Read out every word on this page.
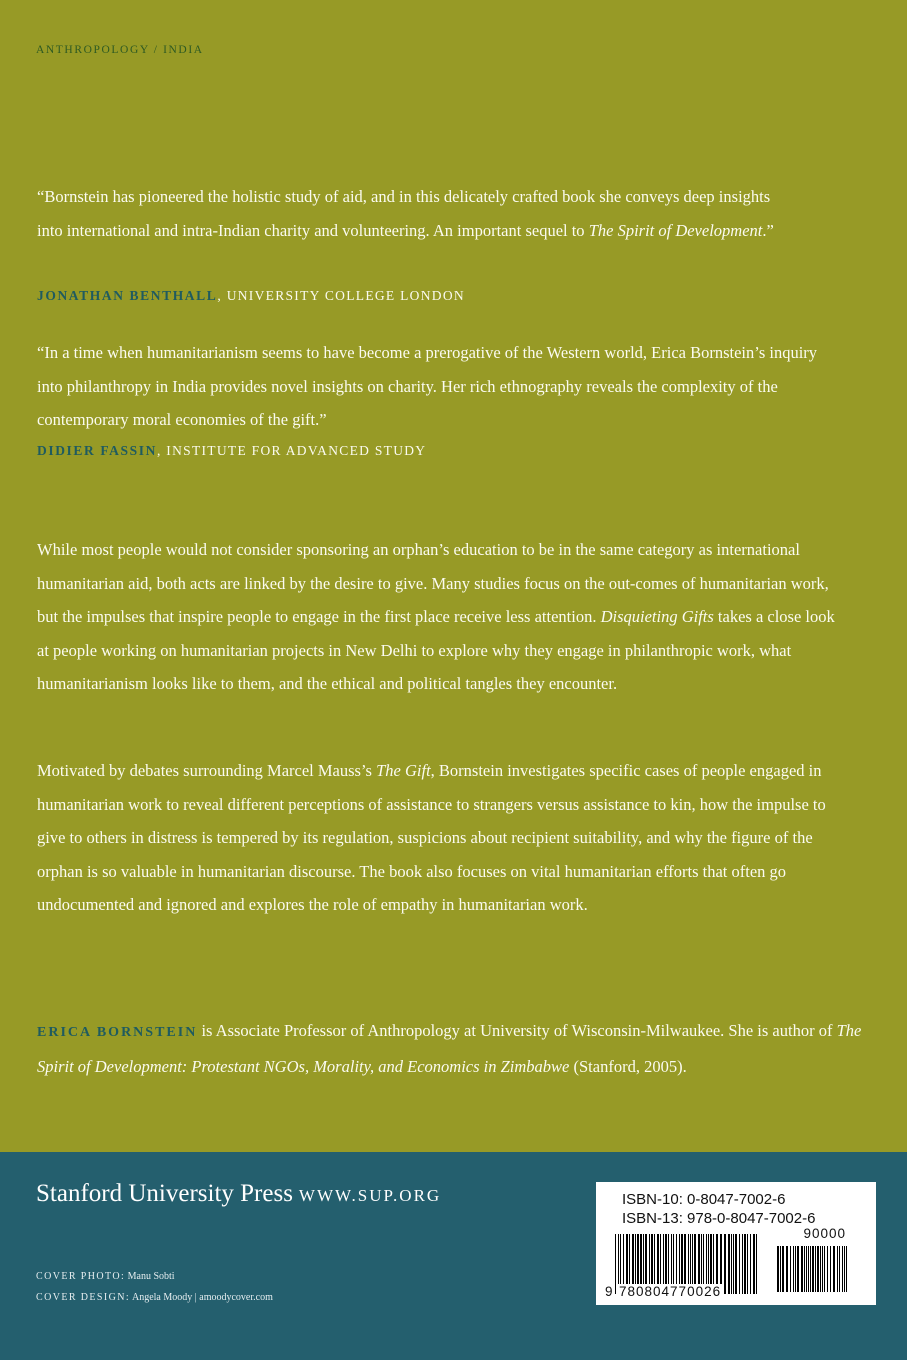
ANTHROPOLOGY / INDIA
“Bornstein has pioneered the holistic study of aid, and in this delicately crafted book she conveys deep insights into international and intra-Indian charity and volunteering. An important sequel to The Spirit of Development.”
JONATHAN BENTHALL, UNIVERSITY COLLEGE LONDON
“In a time when humanitarianism seems to have become a prerogative of the Western world, Erica Bornstein’s inquiry into philanthropy in India provides novel insights on charity. Her rich ethnography reveals the complexity of the contemporary moral economies of the gift.”
DIDIER FASSIN, INSTITUTE FOR ADVANCED STUDY
While most people would not consider sponsoring an orphan’s education to be in the same category as international humanitarian aid, both acts are linked by the desire to give. Many studies focus on the out-comes of humanitarian work, but the impulses that inspire people to engage in the first place receive less attention. Disquieting Gifts takes a close look at people working on humanitarian projects in New Delhi to explore why they engage in philanthropic work, what humanitarianism looks like to them, and the ethical and political tangles they encounter.
Motivated by debates surrounding Marcel Mauss’s The Gift, Bornstein investigates specific cases of people engaged in humanitarian work to reveal different perceptions of assistance to strangers versus assistance to kin, how the impulse to give to others in distress is tempered by its regulation, suspicions about recipient suitability, and why the figure of the orphan is so valuable in humanitarian discourse. The book also focuses on vital humanitarian efforts that often go undocumented and ignored and explores the role of empathy in humanitarian work.
ERICA BORNSTEIN is Associate Professor of Anthropology at University of Wisconsin-Milwaukee. She is author of The Spirit of Development: Protestant NGOs, Morality, and Economics in Zimbabwe (Stanford, 2005).
Stanford University Press WWW.SUP.ORG
COVER PHOTO: Manu Sobti
COVER DESIGN: Angela Moody | amoodycover.com
ISBN-10: 0-8047-7002-6
ISBN-13: 978-0-8047-7002-6
90000
9 780804770026
